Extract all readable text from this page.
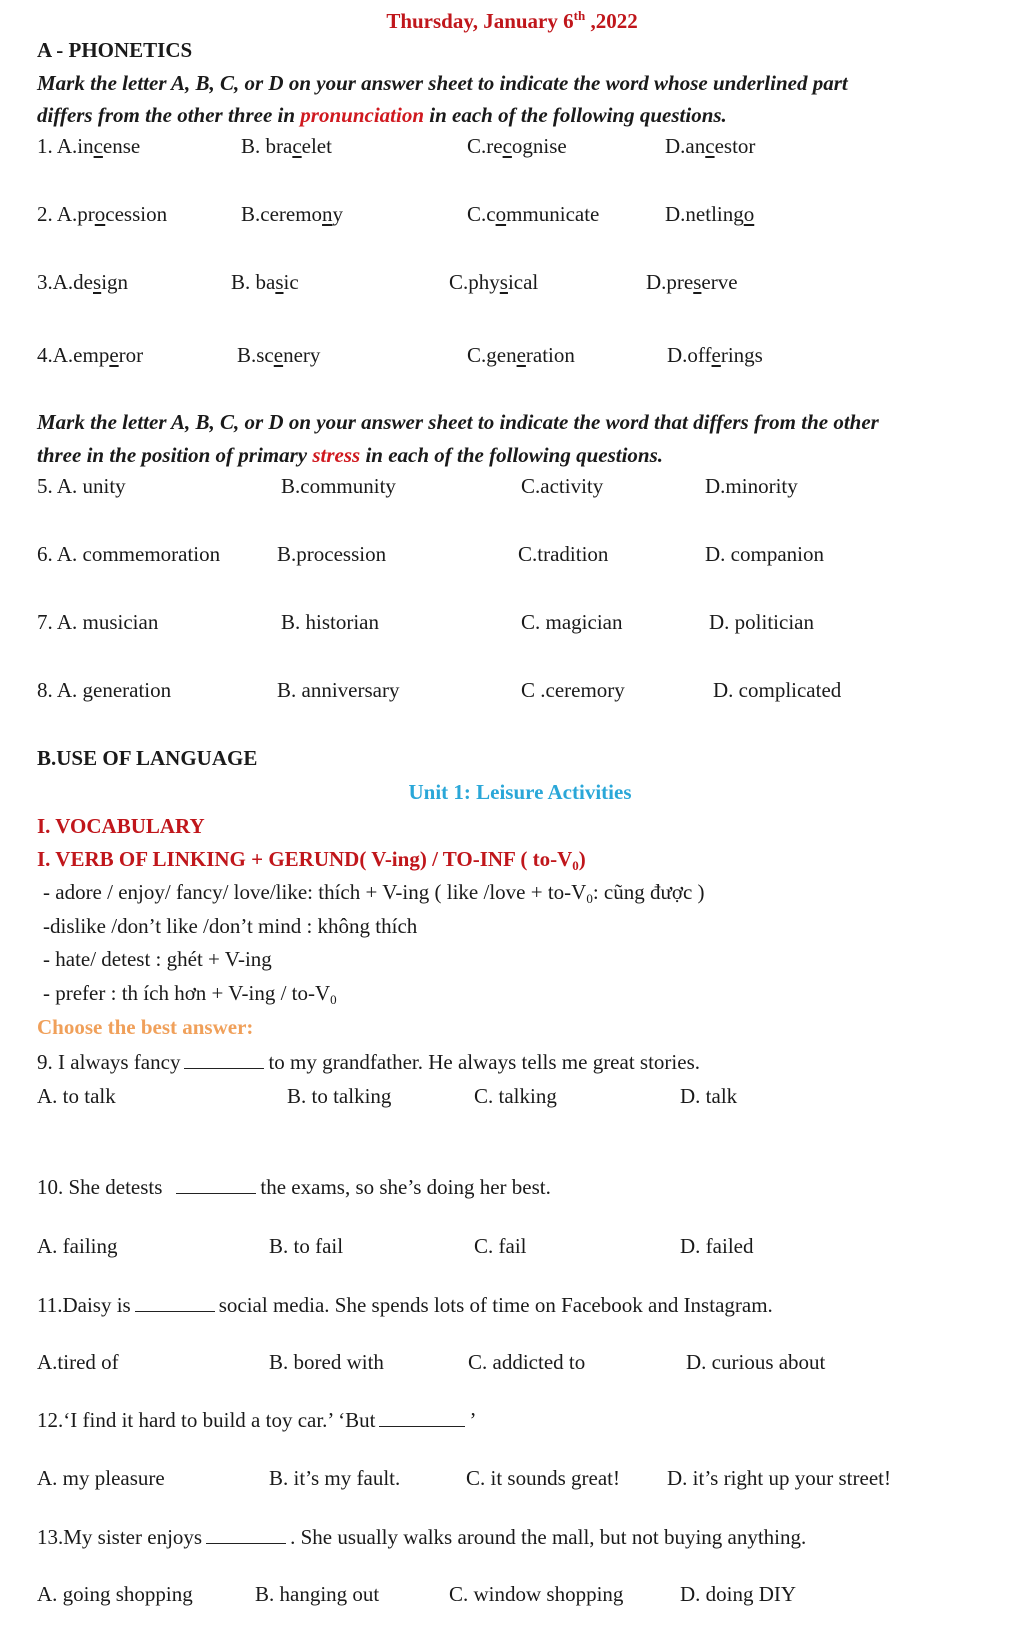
Thursday, January 6th ,2022
A - PHONETICS
Mark the letter A, B, C, or D on your answer sheet to indicate the word whose underlined part
differs from the other three in pronunciation in each of the following questions.
1. A.incense	B. bracelet	C.recognise	D.ancestor
2. A.procession	B.ceremony	C.communicate	D.netlingo
3.A.design	B. basic	C.physical	D.preserve
4.A.emperor	B.scenery	C.generation	D.offerings
Mark the letter A, B, C, or D on your answer sheet to indicate the word that differs from the other
three in the position of primary stress in each of the following questions.
5. A. unity	B.community	C.activity	D.minority
6. A. commemoration	B.procession	C.tradition	D. companion
7. A. musician	B. historian	C. magician	D. politician
8. A. generation	B. anniversary	C .ceremory	D. complicated
B.USE OF LANGUAGE
Unit 1: Leisure Activities
I. VOCABULARY
I. VERB OF LINKING + GERUND( V-ing) / TO-INF ( to-V0)
- adore / enjoy/ fancy/ love/like: thích + V-ing ( like /love + to-V0: cũng được )
-dislike /don’t like /don’t mind : không thích
- hate/ detest : ghét + V-ing
- prefer : th ích hơn + V-ing / to-V0
Choose the best answer:
9. I always fancy	to my grandfather. He always tells me great stories.
A. to talk	B. to talking	C. talking	D. talk
10. She detests	the exams, so she’s doing her best.
A. failing	B. to fail	C. fail	D. failed
11.Daisy is	social media. She spends lots of time on Facebook and Instagram.
A.tired of	B. bored with	C. addicted to	D. curious about
12.‘I find it hard to build a toy car.’ ‘But	’
A. my pleasure	B. it’s my fault.	C. it sounds great! D. it’s right up your street!
13.My sister enjoys	. She usually walks around the mall, but not buying anything.
A. going shopping	B. hanging out	C. window shopping	D. doing DIY
